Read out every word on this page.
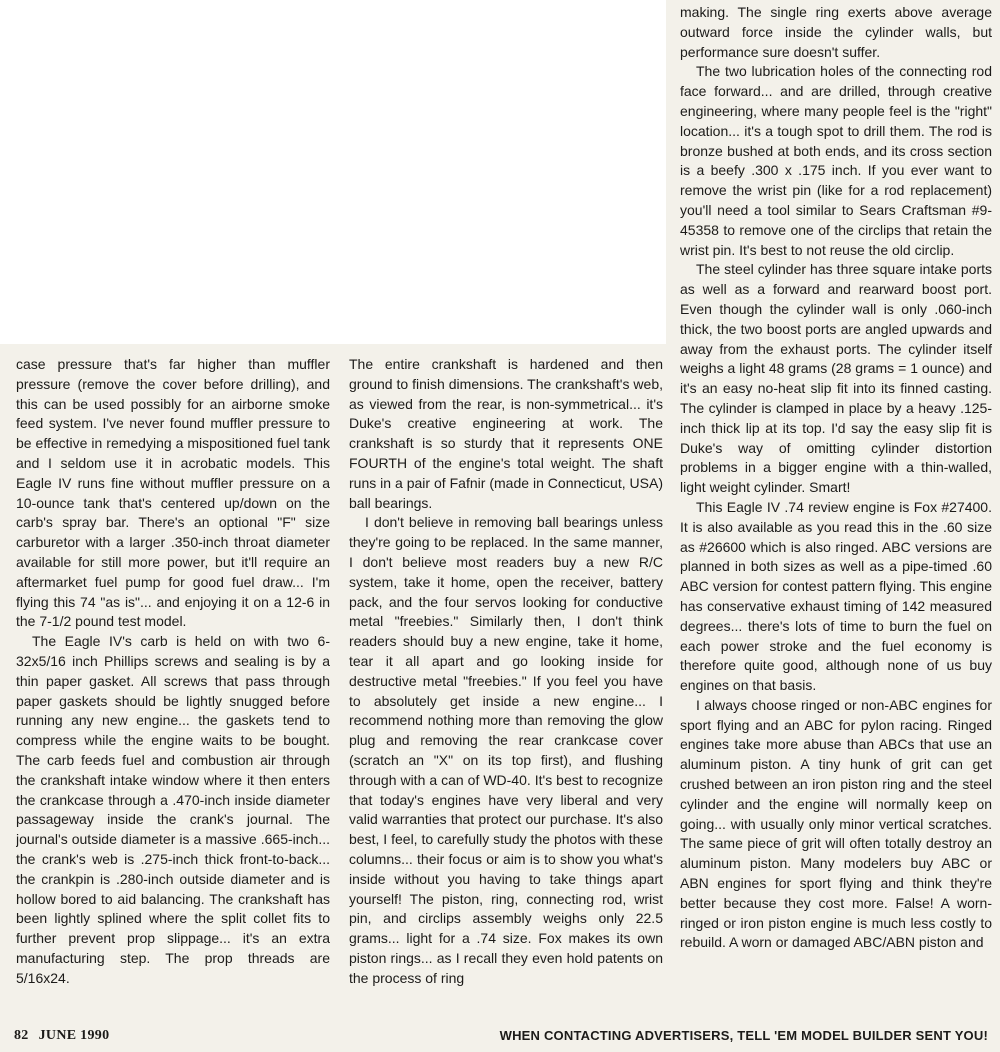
case pressure that's far higher than muffler pressure (remove the cover before drilling), and this can be used possibly for an airborne smoke feed system. I've never found muffler pressure to be effective in remedying a mispositioned fuel tank and I seldom use it in acrobatic models. This Eagle IV runs fine without muffler pressure on a 10-ounce tank that's centered up/down on the carb's spray bar. There's an optional "F" size carburetor with a larger .350-inch throat diameter available for still more power, but it'll require an aftermarket fuel pump for good fuel draw... I'm flying this 74 "as is"... and enjoying it on a 12-6 in the 7-1/2 pound test model.

The Eagle IV's carb is held on with two 6-32x5/16 inch Phillips screws and sealing is by a thin paper gasket. All screws that pass through paper gaskets should be lightly snugged before running any new engine... the gaskets tend to compress while the engine waits to be bought. The carb feeds fuel and combustion air through the crankshaft intake window where it then enters the crankcase through a .470-inch inside diameter passageway inside the crank's journal. The journal's outside diameter is a massive .665-inch... the crank's web is .275-inch thick front-to-back... the crankpin is .280-inch outside diameter and is hollow bored to aid balancing. The crankshaft has been lightly splined where the split collet fits to further prevent prop slippage... it's an extra manufacturing step. The prop threads are 5/16x24.

The entire crankshaft is hardened and then ground to finish dimensions. The crankshaft's web, as viewed from the rear, is non-symmetrical... it's Duke's creative engineering at work. The crankshaft is so sturdy that it represents ONE FOURTH of the engine's total weight. The shaft runs in a pair of Fafnir (made in Connecticut, USA) ball bearings.

I don't believe in removing ball bearings unless they're going to be replaced. In the same manner, I don't believe most readers buy a new R/C system, take it home, open the receiver, battery pack, and the four servos looking for conductive metal "freebies." Similarly then, I don't think readers should buy a new engine, take it home, tear it all apart and go looking inside for destructive metal "freebies." If you feel you have to absolutely get inside a new engine... I recommend nothing more than removing the glow plug and removing the rear crankcase cover (scratch an "X" on its top first), and flushing through with a can of WD-40. It's best to recognize that today's engines have very liberal and very valid warranties that protect our purchase. It's also best, I feel, to carefully study the photos with these columns... their focus or aim is to show you what's inside without you having to take things apart yourself! The piston, ring, connecting rod, wrist pin, and circlips assembly weighs only 22.5 grams... light for a .74 size. Fox makes its own piston rings... as I recall they even hold patents on the process of ring

making. The single ring exerts above average outward force inside the cylinder walls, but performance sure doesn't suffer.

The two lubrication holes of the connecting rod face forward... and are drilled, through creative engineering, where many people feel is the "right" location... it's a tough spot to drill them. The rod is bronze bushed at both ends, and its cross section is a beefy .300 x .175 inch. If you ever want to remove the wrist pin (like for a rod replacement) you'll need a tool similar to Sears Craftsman #9-45358 to remove one of the circlips that retain the wrist pin. It's best to not reuse the old circlip.

The steel cylinder has three square intake ports as well as a forward and rearward boost port. Even though the cylinder wall is only .060-inch thick, the two boost ports are angled upwards and away from the exhaust ports. The cylinder itself weighs a light 48 grams (28 grams = 1 ounce) and it's an easy no-heat slip fit into its finned casting. The cylinder is clamped in place by a heavy .125-inch thick lip at its top. I'd say the easy slip fit is Duke's way of omitting cylinder distortion problems in a bigger engine with a thin-walled, light weight cylinder. Smart!

This Eagle IV .74 review engine is Fox #27400. It is also available as you read this in the .60 size as #26600 which is also ringed. ABC versions are planned in both sizes as well as a pipe-timed .60 ABC version for contest pattern flying. This engine has conservative exhaust timing of 142 measured degrees... there's lots of time to burn the fuel on each power stroke and the fuel economy is therefore quite good, although none of us buy engines on that basis.

I always choose ringed or non-ABC engines for sport flying and an ABC for pylon racing. Ringed engines take more abuse than ABCs that use an aluminum piston. A tiny hunk of grit can get crushed between an iron piston ring and the steel cylinder and the engine will normally keep on going... with usually only minor vertical scratches. The same piece of grit will often totally destroy an aluminum piston. Many modelers buy ABC or ABN engines for sport flying and think they're better because they cost more. False! A worn-ringed or iron piston engine is much less costly to rebuild. A worn or damaged ABC/ABN piston and

82 JUNE 1990	WHEN CONTACTING ADVERTISERS, TELL 'EM MODEL BUILDER SENT YOU!
